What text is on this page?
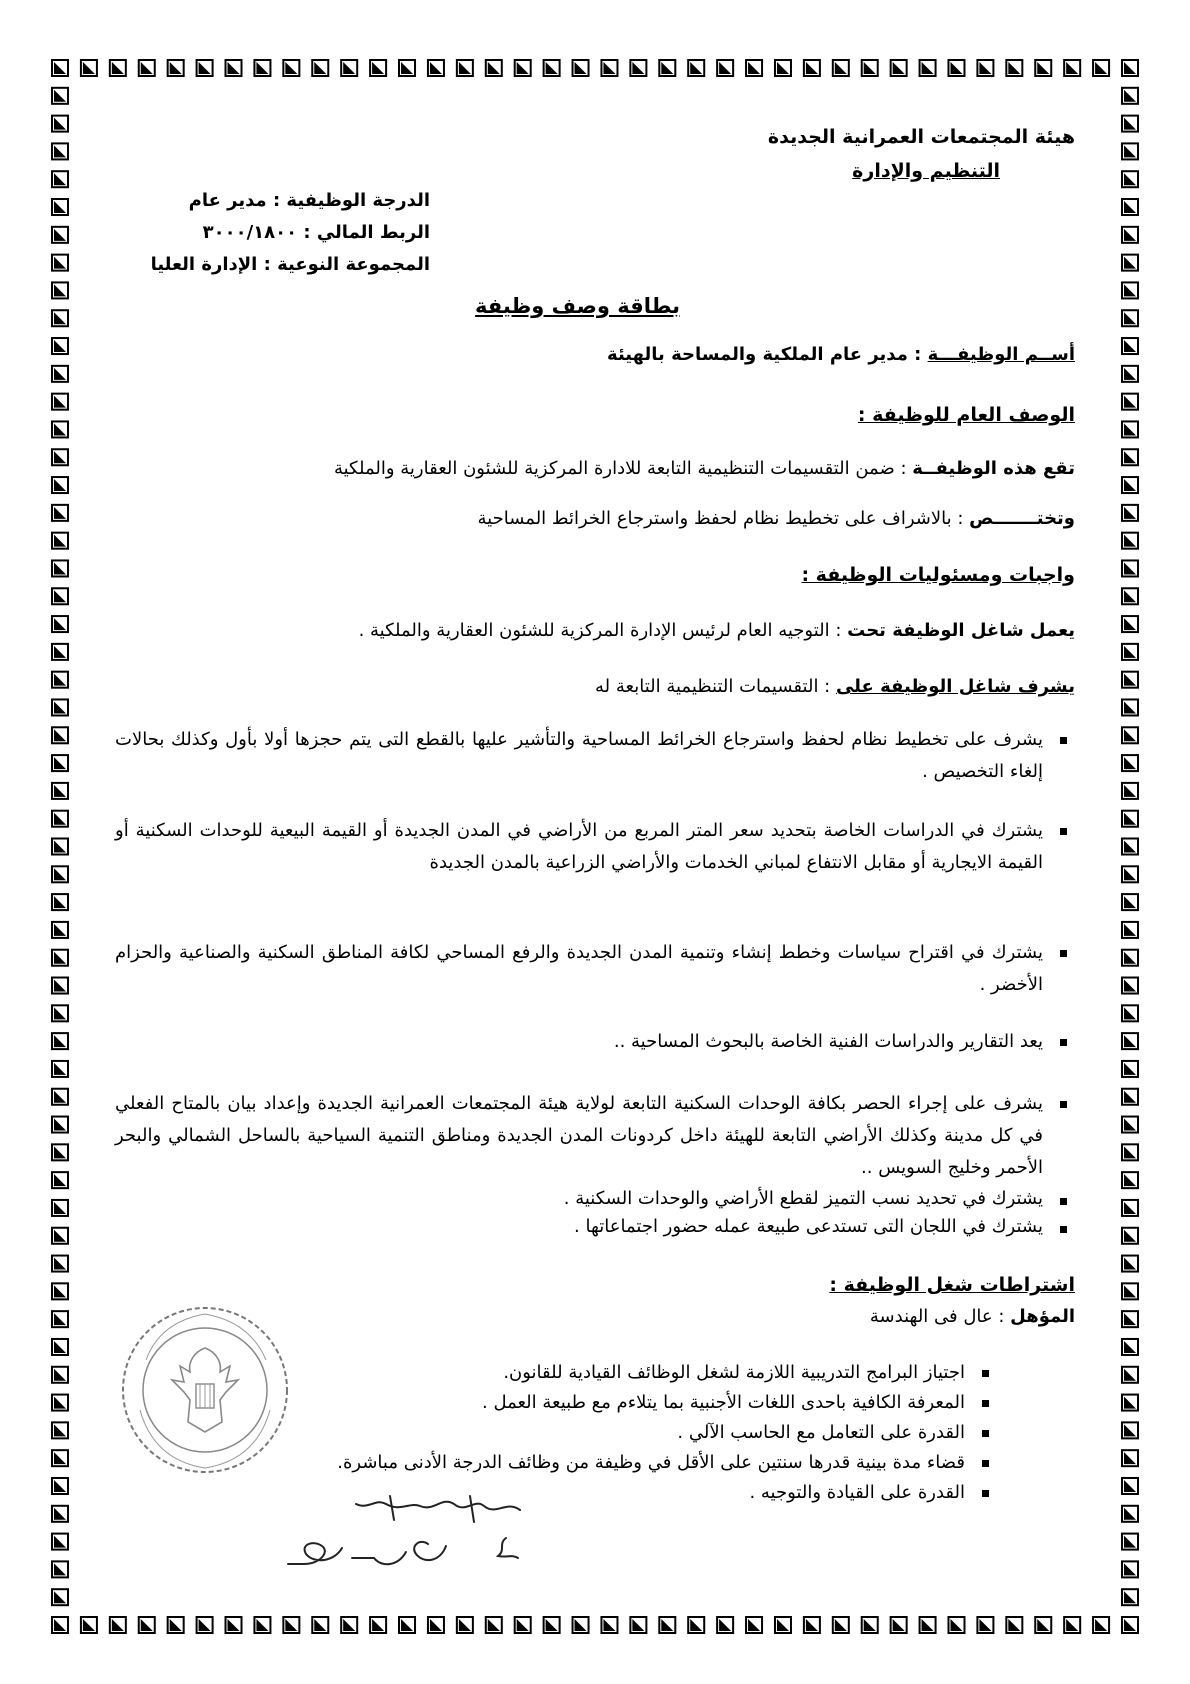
هيئة المجتمعات العمرانية الجديدة
التنظيم والإدارة
الدرجة الوظيفية : مدير عام
الربط المالي : ٣٠٠٠/١٨٠٠
المجموعة النوعية : الإدارة العليا
بطاقة وصف وظيفة
أســم الوظيفـــة : مدير عام الملكية والمساحة بالهيئة
الوصف العام للوظيفة :
تقع هذه الوظيفــة : ضمن التقسيمات التنظيمية التابعة للادارة المركزية للشئون العقارية والملكية
وتختـــــــص : بالاشراف على تخطيط نظام لحفظ واسترجاع الخرائط المساحية
واجبات ومسئوليات الوظيفة :
يعمل شاغل الوظيفة تحت : التوجيه العام لرئيس الإدارة المركزية للشئون العقارية والملكية .
يشرف شاغل الوظيفة على : التقسيمات التنظيمية التابعة له
يشرف على تخطيط نظام لحفظ واسترجاع الخرائط المساحية والتأشير عليها بالقطع التى يتم حجزها أولا بأول وكذلك بحالات إلغاء التخصيص .
يشترك في الدراسات الخاصة بتحديد سعر المتر المربع من الأراضي في المدن الجديدة أو القيمة البيعية للوحدات السكنية أو القيمة الايجارية أو مقابل الانتفاع لمباني الخدمات والأراضي الزراعية بالمدن الجديدة
يشترك في اقتراح سياسات وخطط إنشاء وتنمية المدن الجديدة والرفع المساحي لكافة المناطق السكنية والصناعية والحزام الأخضر .
يعد التقارير والدراسات الفنية الخاصة بالبحوث المساحية ..
يشرف على إجراء الحصر بكافة الوحدات السكنية التابعة لولاية هيئة المجتمعات العمرانية الجديدة وإعداد بيان بالمتاح الفعلي في كل مدينة وكذلك الأراضي التابعة للهيئة داخل كردونات المدن الجديدة ومناطق التنمية السياحية بالساحل الشمالي والبحر الأحمر وخليج السويس ..
يشترك في تحديد نسب التميز لقطع الأراضي والوحدات السكنية .
يشترك في اللجان التى تستدعى طبيعة عمله حضور اجتماعاتها .
اشتراطات شغل الوظيفة :
المؤهل : عال فى الهندسة
اجتياز البرامج التدريبية اللازمة لشغل الوظائف القيادية للقانون.
المعرفة الكافية باحدى اللغات الأجنبية بما يتلاءم مع طبيعة العمل .
القدرة على التعامل مع الحاسب الآلي .
قضاء مدة بينية قدرها سنتين على الأقل في وظيفة من وظائف الدرجة الأدنى مباشرة.
القدرة على القيادة والتوجيه .
